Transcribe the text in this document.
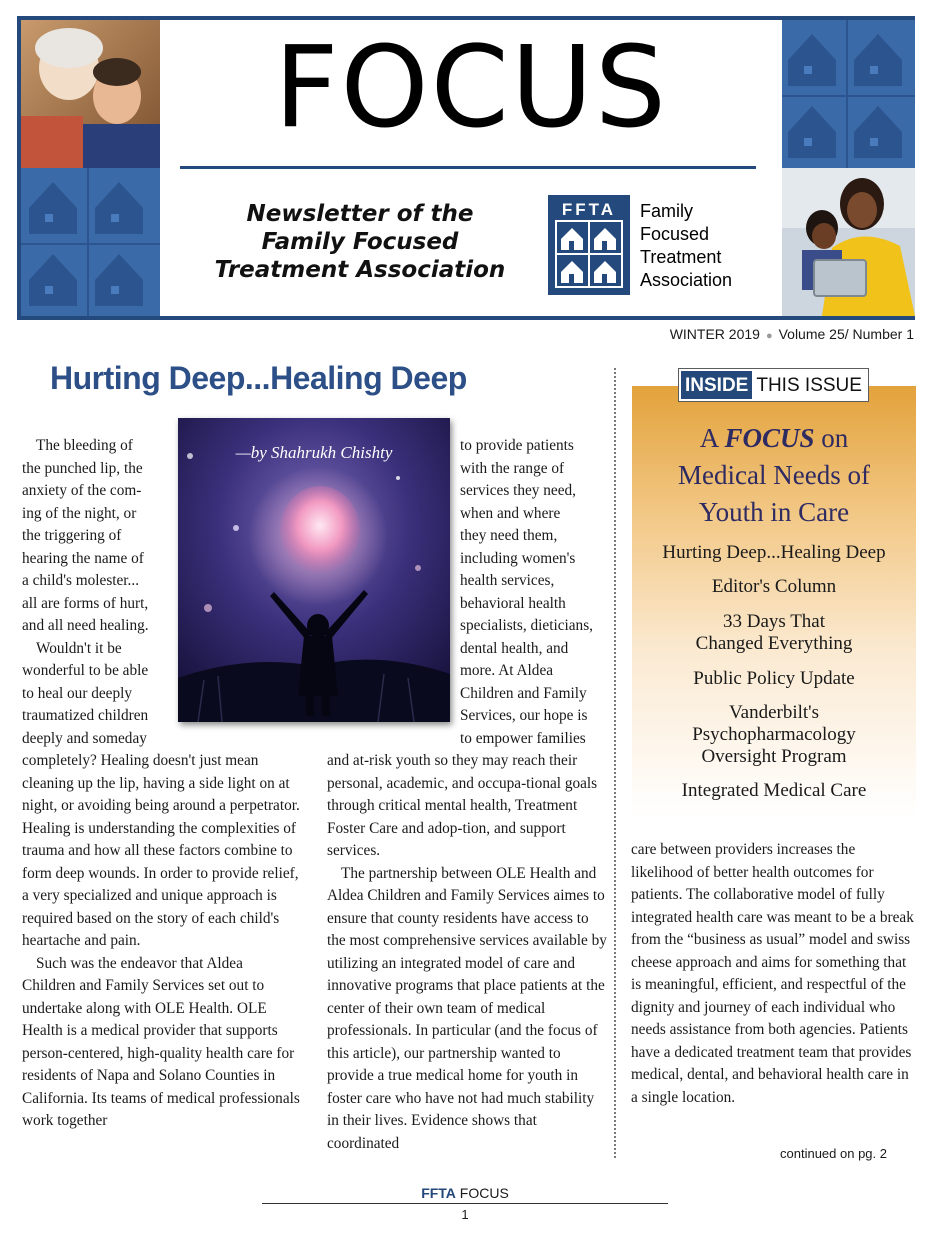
FOCUS
Newsletter of the
Family Focused
Treatment Association
FFTA Family
Focused
Treatment
Association
WINTER 2019 ● Volume 25/ Number 1
Hurting Deep...Healing Deep

The bleeding of

the punched lip, the

anxiety of the com-

ing of the night, or

the triggering of

hearing the name of

a child's molester...

all are forms of hurt,

and all need healing.

Wouldn't it be

wonderful to be able

to heal our deeply

traumatized children

deeply and someday

completely? Healing doesn't just mean cleaning up the lip, having a side light on at night, or avoiding being around a perpetrator. Healing is understanding the complexities of trauma and how all these factors combine to form deep wounds. In order to provide relief, a very specialized and unique approach is required based on the story of each child's heartache and pain.

Such was the endeavor that Aldea Children and Family Services set out to undertake along with OLE Health. OLE Health is a medical provider that supports person-centered, high-quality health care for residents of Napa and Solano Counties in California. Its teams of medical professionals work together

—by Shahrukh Chishty	to provide patients

with the range of

services they need,

when and where

they need them,

including women's

health services,

behavioral health

specialists, dieticians,

dental health, and

more. At Aldea

Children and Family

Services, our hope is

to empower families

and at-risk youth so they may reach their personal, academic, and occupa-tional goals through critical mental health, Treatment Foster Care and adop-tion, and support services.

The partnership between OLE Health and Aldea Children and Family Services aimes to ensure that county residents have access to the most comprehensive services available by utilizing an integrated model of care and innovative programs that place patients at the center of their own team of medical professionals. In particular (and the focus of this article), our partnership wanted to provide a true medical home for youth in foster care who have not had much stability in their lives. Evidence shows that coordinated

INSIDE THIS ISSUE
A FOCUS on
Medical Needs of
Youth in Care
Hurting Deep...Healing Deep
Editor's Column
33 Days That
Changed Everything
Public Policy Update
Vanderbilt's
Psychopharmacology
Oversight Program
Integrated Medical Care

care between providers increases the likelihood of better health outcomes for patients. The collaborative model of fully integrated health care was meant to be a break from the “business as usual” model and swiss cheese approach and aims for something that is meaningful, efficient, and respectful of the dignity and journey of each individual who needs assistance from both agencies. Patients have a dedicated treatment team that provides medical, dental, and behavioral health care in a single location.

continued on pg. 2
FFTA FOCUS
1
